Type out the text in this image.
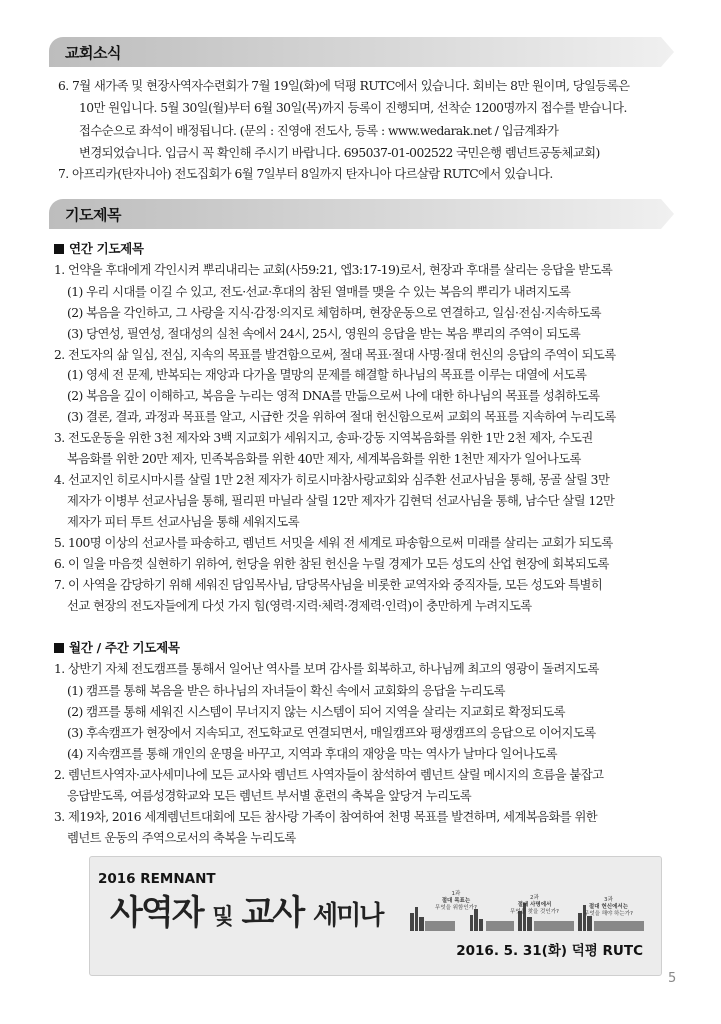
교회소식
6. 7월 새가족 및 현장사역자수련회가 7월 19일(화)에 덕평 RUTC에서 있습니다. 회비는 8만 원이며, 당일등록은
10만 원입니다. 5월 30일(월)부터 6월 30일(목)까지 등록이 진행되며, 선착순 1200명까지 접수를 받습니다.
접수순으로 좌석이 배정됩니다. (문의 : 진영애 전도사, 등록 : www.wedarak.net / 입금계좌가
변경되었습니다. 입금시 꼭 확인해 주시기 바랍니다. 695037-01-002522 국민은행 렘넌트공동체교회)
7. 아프리카(탄자니아) 전도집회가 6월 7일부터 8일까지 탄자니아 다르살람 RUTC에서 있습니다.
기도제목
연간 기도제목
1. 언약을 후대에게 각인시켜 뿌리내리는 교회(사59:21, 엡3:17-19)로서, 현장과 후대를 살리는 응답을 받도록
(1) 우리 시대를 이길 수 있고, 전도·선교·후대의 참된 열매를 맺을 수 있는 복음의 뿌리가 내려지도록
(2) 복음을 각인하고, 그 사랑을 지식·감정·의지로 체험하며, 현장운동으로 연결하고, 일심·전심·지속하도록
(3) 당연성, 필연성, 절대성의 실천 속에서 24시, 25시, 영원의 응답을 받는 복음 뿌리의 주역이 되도록
2. 전도자의 삶 일심, 전심, 지속의 목표를 발견함으로써, 절대 목표·절대 사명·절대 헌신의 응답의 주역이 되도록
(1) 영세 전 문제, 반복되는 재앙과 다가올 멸망의 문제를 해결할 하나님의 목표를 이루는 대열에 서도록
(2) 복음을 깊이 이해하고, 복음을 누리는 영적 DNA를 만듦으로써 나에 대한 하나님의 목표를 성취하도록
(3) 결론, 결과, 과정과 목표를 알고, 시급한 것을 위하여 절대 헌신함으로써 교회의 목표를 지속하여 누리도록
3. 전도운동을 위한 3천 제자와 3백 지교회가 세워지고, 송파·강동 지역복음화를 위한 1만 2천 제자, 수도권
복음화를 위한 20만 제자, 민족복음화를 위한 40만 제자, 세계복음화를 위한 1천만 제자가 일어나도록
4. 선교지인 히로시마시를 살릴 1만 2천 제자가 히로시마참사랑교회와 심주환 선교사님을 통해, 몽골 살릴 3만
제자가 이병부 선교사님을 통해, 필리핀 마닐라 살릴 12만 제자가 김현덕 선교사님을 통해, 남수단 살릴 12만
제자가 피터 투트 선교사님을 통해 세워지도록
5. 100명 이상의 선교사를 파송하고, 렘넌트 서밋을 세워 전 세계로 파송함으로써 미래를 살리는 교회가 되도록
6. 이 일을 마음껏 실현하기 위하여, 헌당을 위한 참된 헌신을 누릴 경제가 모든 성도의 산업 현장에 회복되도록
7. 이 사역을 감당하기 위해 세워진 담임목사님, 담당목사님을 비롯한 교역자와 중직자들, 모든 성도와 특별히
선교 현장의 전도자들에게 다섯 가지 힘(영력·지력·체력·경제력·인력)이 충만하게 누려지도록
월간 / 주간 기도제목
1. 상반기 자체 전도캠프를 통해서 일어난 역사를 보며 감사를 회복하고, 하나님께 최고의 영광이 돌려지도록
(1) 캠프를 통해 복음을 받은 하나님의 자녀들이 확신 속에서 교회화의 응답을 누리도록
(2) 캠프를 통해 세워진 시스템이 무너지지 않는 시스템이 되어 지역을 살리는 지교회로 확정되도록
(3) 후속캠프가 현장에서 지속되고, 전도학교로 연결되면서, 매일캠프와 평생캠프의 응답으로 이어지도록
(4) 지속캠프를 통해 개인의 운명을 바꾸고, 지역과 후대의 재앙을 막는 역사가 날마다 일어나도록
2. 렘넌트사역자·교사세미나에 모든 교사와 렘넌트 사역자들이 참석하여 렘넌트 살릴 메시지의 흐름을 붙잡고
응답받도록, 여름성경학교와 모든 렘넌트 부서별 훈련의 축복을 앞당겨 누리도록
3. 제19차, 2016 세계렘넌트대회에 모든 참사랑 가족이 참여하여 천명 목표를 발견하며, 세계복음화를 위한
렘넌트 운동의 주역으로서의 축복을 누리도록
2016 REMNANT
사역자 및 교사 세미나
1과
절대 목표는
무엇을 위함인가?
2과
절대 사명에서
무엇을 찾을 것인가?
3과
절대 헌신에서는
무엇을 해야 하는가?
2016. 5. 31(화) 덕평 RUTC
5
